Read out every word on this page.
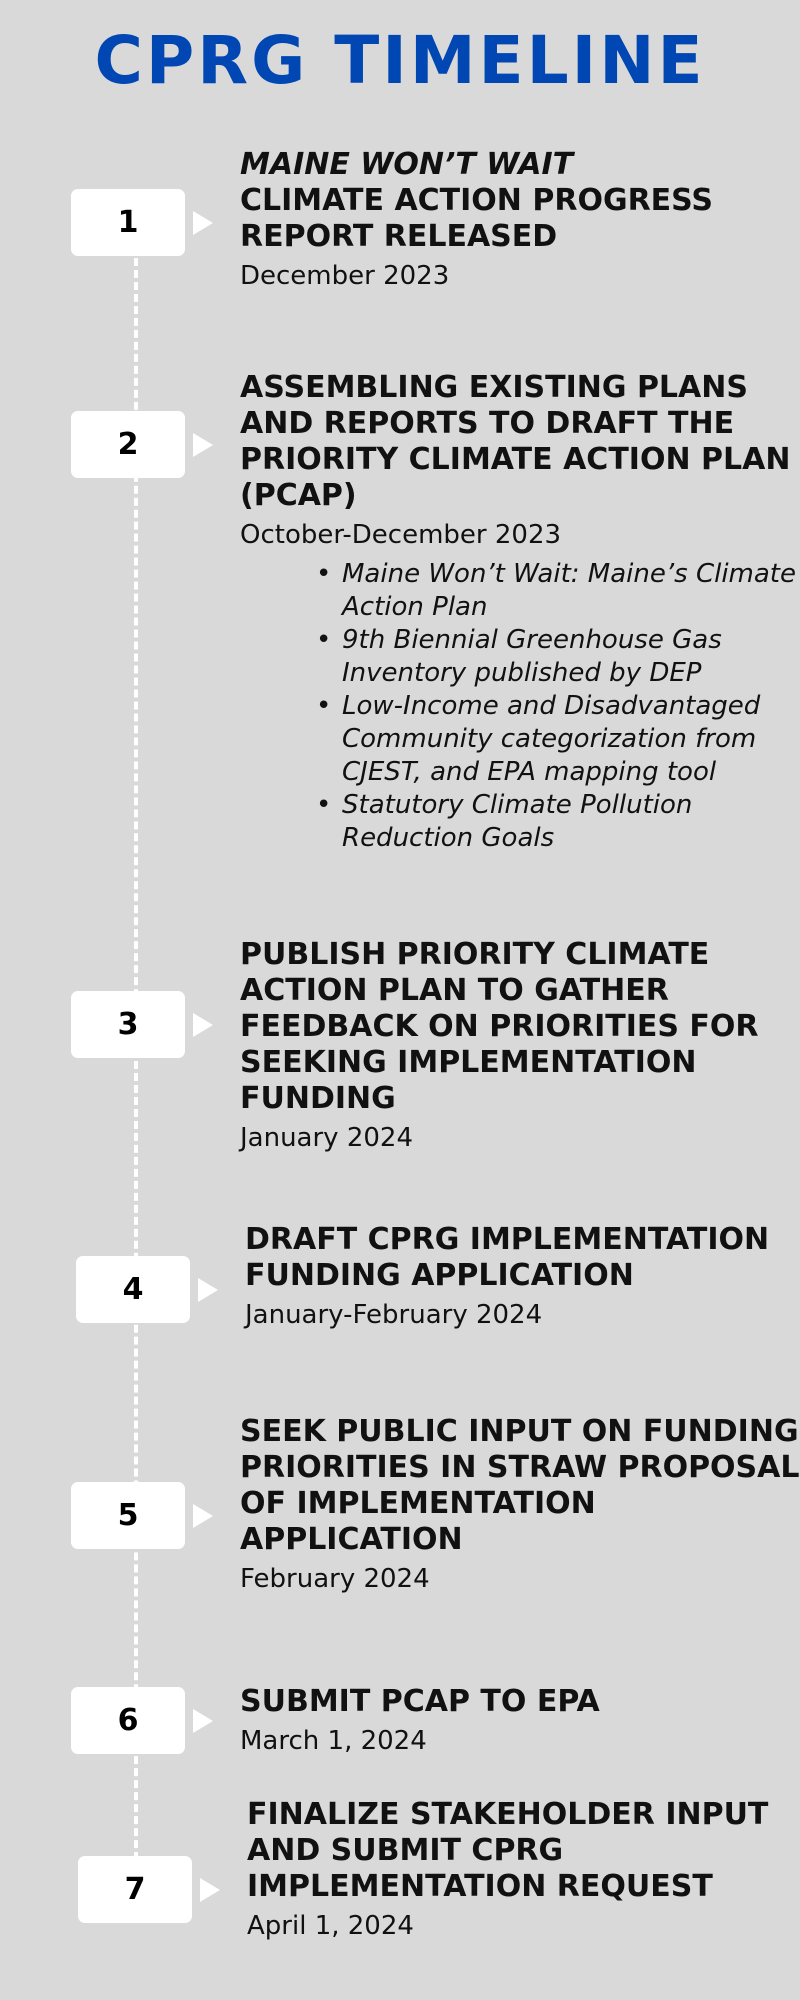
CPRG TIMELINE
1
MAINE WON’T WAIT
CLIMATE ACTION PROGRESS REPORT RELEASED

December 2023

2
ASSEMBLING EXISTING PLANS AND REPORTS TO DRAFT THE PRIORITY CLIMATE ACTION PLAN (PCAP)

October-December 2023

• Maine Won’t Wait: Maine’s Climate Action Plan
• 9th Biennial Greenhouse Gas Inventory published by DEP
• Low-Income and Disadvantaged Community categorization from CJEST, and EPA mapping tool
• Statutory Climate Pollution Reduction Goals
3
PUBLISH PRIORITY CLIMATE ACTION PLAN TO GATHER FEEDBACK ON PRIORITIES FOR SEEKING IMPLEMENTATION FUNDING

January 2024

4
DRAFT CPRG IMPLEMENTATION FUNDING APPLICATION

January-February 2024

5
SEEK PUBLIC INPUT ON FUNDING PRIORITIES IN STRAW PROPOSAL OF IMPLEMENTATION APPLICATION

February 2024

6
SUBMIT PCAP TO EPA

March 1, 2024

7
FINALIZE STAKEHOLDER INPUT AND SUBMIT CPRG IMPLEMENTATION REQUEST

April 1, 2024
